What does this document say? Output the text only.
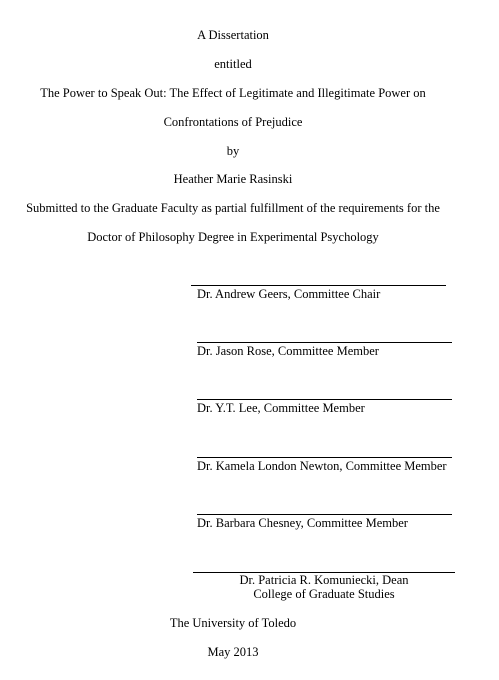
A Dissertation
entitled
The Power to Speak Out: The Effect of Legitimate and Illegitimate Power on
Confrontations of Prejudice
by
Heather Marie Rasinski
Submitted to the Graduate Faculty as partial fulfillment of the requirements for the
Doctor of Philosophy Degree in Experimental Psychology
Dr. Andrew Geers, Committee Chair
Dr. Jason Rose, Committee Member
Dr. Y.T. Lee, Committee Member
Dr. Kamela London Newton, Committee Member
Dr. Barbara Chesney, Committee Member
Dr. Patricia R. Komuniecki, Dean
College of Graduate Studies
The University of Toledo
May 2013
